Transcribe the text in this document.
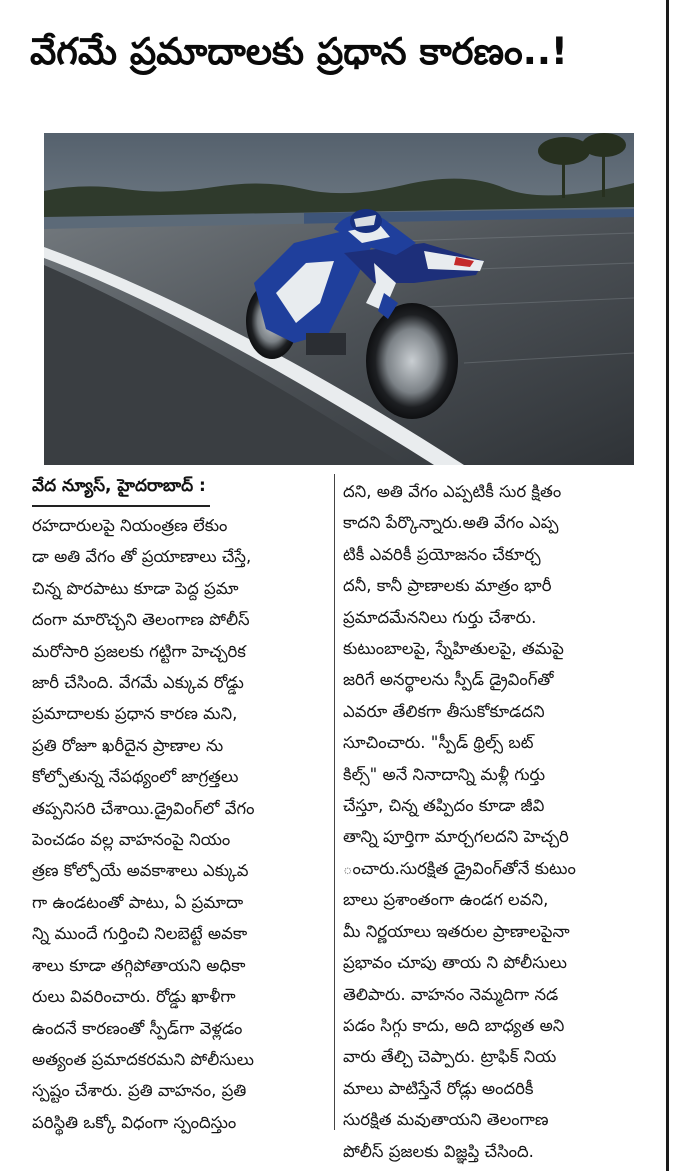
వేగమే ప్రమాదాలకు ప్రధాన కారణం..!
వేద న్యూస్, హైదరాబాద్ :
రహదారులపై నియంత్రణ లేకుం
డా అతి వేగం తో ప్రయాణాలు చేస్తే,
చిన్న పొరపాటు కూడా పెద్ద ప్రమా
దంగా మారొచ్చని తెలంగాణ పోలీస్
మరోసారి ప్రజలకు గట్టిగా హెచ్చరిక
జారీ చేసింది. వేగమే ఎక్కువ రోడ్డు
ప్రమాదాలకు ప్రధాన కారణ మని,
ప్రతి రోజూ ఖరీదైన ప్రాణాల ను
కోల్పోతున్న నేపథ్యంలో జాగ్రత్తలు
తప్పనిసరి చేశాయి.డ్రైవింగ్‌లో వేగం
పెంచడం వల్ల వాహనంపై నియం
త్రణ కోల్పోయే అవకాశాలు ఎక్కువ
గా ఉండటంతో పాటు, ఏ ప్రమాదా
న్ని ముందే గుర్తించి నిలబెట్టే అవకా
శాలు కూడా తగ్గిపోతాయని అధికా
రులు వివరించారు. రోడ్డు ఖాళీగా
ఉందనే కారణంతో స్పీడ్‌గా వెళ్లడం
అత్యంత ప్రమాదకరమని పోలీసులు
స్పష్టం చేశారు. ప్రతి వాహనం, ప్రతి
పరిస్థితి ఒక్కో విధంగా స్పందిస్తుం
దని, అతి వేగం ఎప్పటికీ సుర క్షితం
కాదని పేర్కొన్నారు.అతి వేగం ఎప్ప
టికీ ఎవరికీ ప్రయోజనం చేకూర్చ
దనీ, కానీ ప్రాణాలకు మాత్రం భారీ
ప్రమాదమేననిలు గుర్తు చేశారు.
కుటుంబాలపై, స్నేహితులపై, తమపై
జరిగే అనర్థాలను స్పీడ్ డ్రైవింగ్‌తో
ఎవరూ తేలికగా తీసుకోకూడదని
సూచించారు. "స్పీడ్ థ్రిల్స్ బట్
కిల్స్" అనే నినాదాన్ని మళ్లీ గుర్తు
చేస్తూ, చిన్న తప్పిదం కూడా జీవి
తాన్ని పూర్తిగా మార్చగలదని హెచ్చరి
ంచారు.సురక్షిత డ్రైవింగ్‌తోనే కుటుం
బాలు ప్రశాంతంగా ఉండగ లవని,
మీ నిర్ణయాలు ఇతరుల ప్రాణాలపైనా
ప్రభావం చూపు తాయ ని పోలీసులు
తెలిపారు. వాహనం నెమ్మదిగా నడ
పడం సిగ్గు కాదు, అది బాధ్యత అని
వారు తేల్చి చెప్పారు. ట్రాఫిక్ నియ
మాలు పాటిస్తేనే రోడ్లు అందరికీ
సురక్షిత మవుతాయని తెలంగాణ
పోలీస్ ప్రజలకు విజ్ఞప్తి చేసింది.
